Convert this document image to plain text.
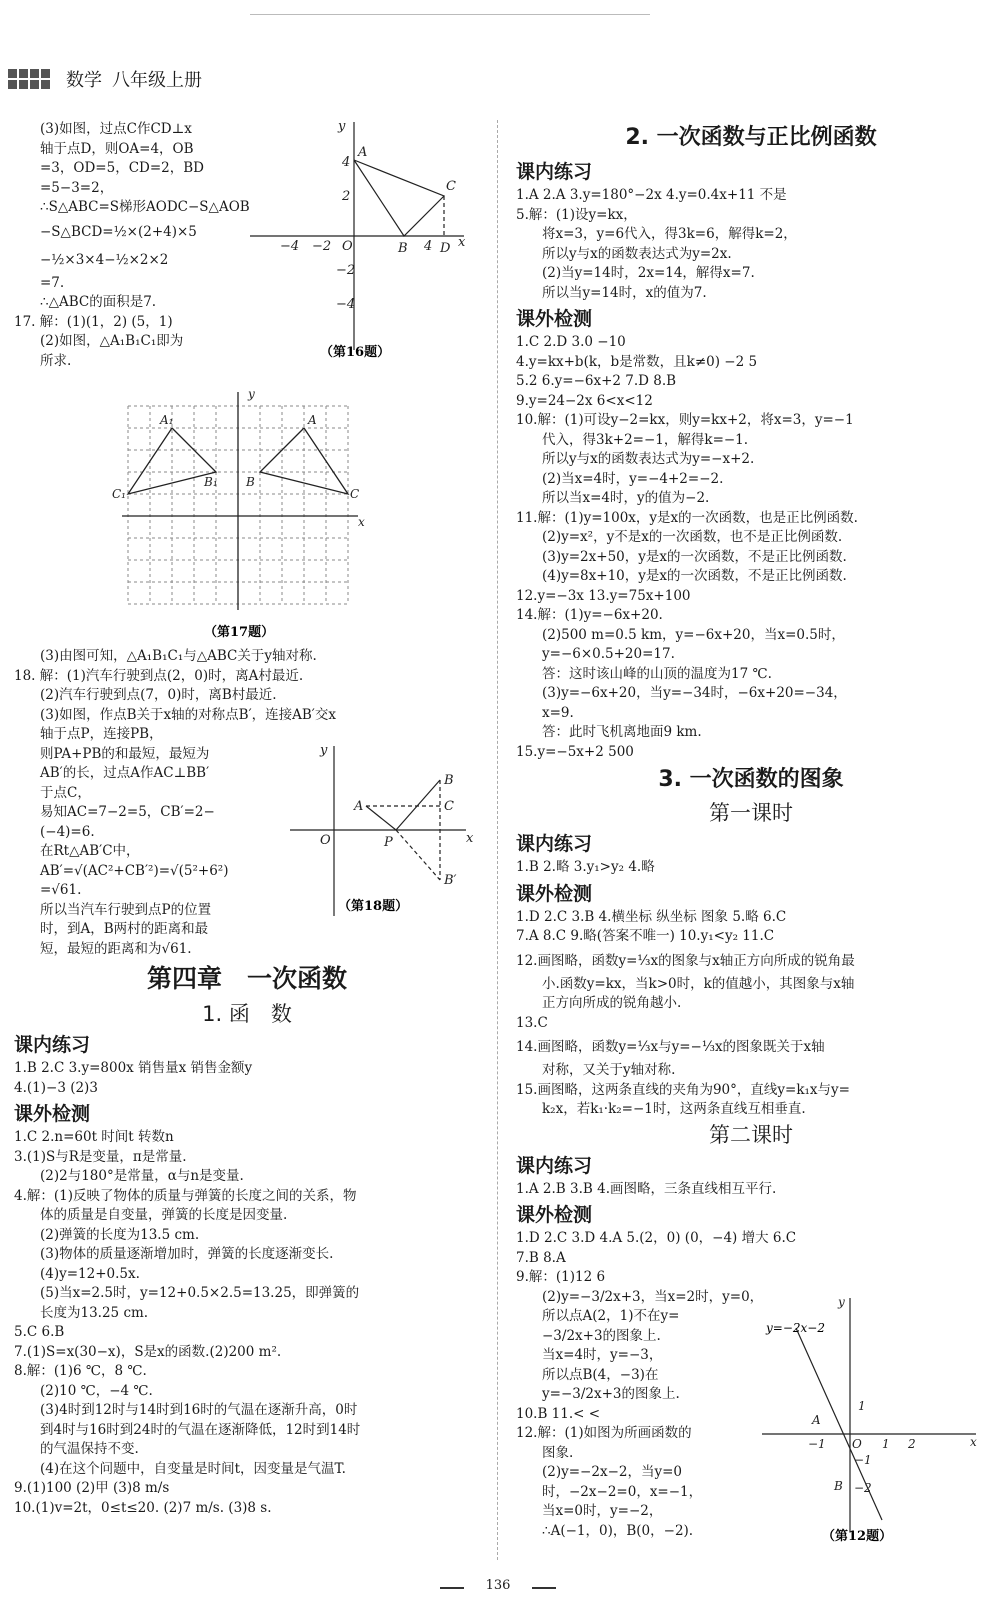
数学 八年级上册
(3)如图，过点C作CD⊥x
轴于点D，则OA=4，OB
=3，OD=5，CD=2，BD
=5−3=2，
∴S△ABC=S梯形AODC−S△AOB
−S△BCD=½×(2+4)×5
−½×3×4−½×2×2
=7.
∴△ABC的面积是7.
17. 解：(1)(1，2) (5，1)
(2)如图，△A₁B₁C₁即为
所求.
(3)由图可知，△A₁B₁C₁与△ABC关于y轴对称.
18. 解：(1)汽车行驶到点(2，0)时，离A村最近.
(2)汽车行驶到点(7，0)时，离B村最近.
(3)如图，作点B关于x轴的对称点B′，连接AB′交x
轴于点P，连接PB，
则PA+PB的和最短，最短为
AB′的长，过点A作AC⊥BB′
于点C，
易知AC=7−2=5，CB′=2−
(−4)=6.
在Rt△AB′C中，
AB′=√(AC²+CB′²)=√(5²+6²)
=√61.
所以当汽车行驶到点P的位置
时，到A，B两村的距离和最
短，最短的距离和为√61.
第四章　一次函数
1. 函　数
课内练习
1.B 2.C 3.y=800x 销售量x 销售金额y
4.(1)−3 (2)3
课外检测
1.C 2.n=60t 时间t 转数n
3.(1)S与R是变量，π是常量.
(2)2与180°是常量，α与n是变量.
4.解：(1)反映了物体的质量与弹簧的长度之间的关系，物
体的质量是自变量，弹簧的长度是因变量.
(2)弹簧的长度为13.5 cm.
(3)物体的质量逐渐增加时，弹簧的长度逐渐变长.
(4)y=12+0.5x.
(5)当x=2.5时，y=12+0.5×2.5=13.25，即弹簧的
长度为13.25 cm.
5.C 6.B
7.(1)S=x(30−x)，S是x的函数.(2)200 m².
8.解：(1)6 ℃，8 ℃.
(2)10 ℃，−4 ℃.
(3)4时到12时与14时到16时的气温在逐渐升高，0时
到4时与16时到24时的气温在逐渐降低，12时到14时
的气温保持不变.
(4)在这个问题中，自变量是时间t，因变量是气温T.
9.(1)100 (2)甲 (3)8 m/s
10.(1)v=2t，0≤t≤20. (2)7 m/s. (3)8 s.
y
x
A
B
C
D
O
−4 −2	4
4
2
−2
−4
（第16题）
y
x
A₁
B₁
C₁
A
B
C
（第17题）
y
x
O
A
B
C
P
B′
（第18题）
2. 一次函数与正比例函数
课内练习
1.A 2.A 3.y=180°−2x 4.y=0.4x+11 不是
5.解：(1)设y=kx，
将x=3，y=6代入，得3k=6，解得k=2，
所以y与x的函数表达式为y=2x.
(2)当y=14时，2x=14，解得x=7.
所以当y=14时，x的值为7.
课外检测
1.C 2.D 3.0 −10
4.y=kx+b(k，b是常数，且k≠0) −2 5
5.2 6.y=−6x+2 7.D 8.B
9.y=24−2x 6<x<12
10.解：(1)可设y−2=kx，则y=kx+2，将x=3，y=−1
代入，得3k+2=−1，解得k=−1.
所以y与x的函数表达式为y=−x+2.
(2)当x=4时，y=−4+2=−2.
所以当x=4时，y的值为−2.
11.解：(1)y=100x，y是x的一次函数，也是正比例函数.
(2)y=x²，y不是x的一次函数，也不是正比例函数.
(3)y=2x+50，y是x的一次函数，不是正比例函数.
(4)y=8x+10，y是x的一次函数，不是正比例函数.
12.y=−3x 13.y=75x+100
14.解：(1)y=−6x+20.
(2)500 m=0.5 km，y=−6x+20，当x=0.5时，
y=−6×0.5+20=17.
答：这时该山峰的山顶的温度为17 ℃.
(3)y=−6x+20，当y=−34时，−6x+20=−34，
x=9.
答：此时飞机离地面9 km.
15.y=−5x+2 500
3. 一次函数的图象
第一课时
课内练习
1.B 2.略 3.y₁>y₂ 4.略
课外检测
1.D 2.C 3.B 4.横坐标 纵坐标 图象 5.略 6.C
7.A 8.C 9.略(答案不唯一) 10.y₁<y₂ 11.C
12.画图略，函数y=⅓x的图象与x轴正方向所成的锐角最
小.函数y=kx，当k>0时，k的值越小，其图象与x轴
正方向所成的锐角越小.
13.C
14.画图略，函数y=⅓x与y=−⅓x的图象既关于x轴
对称，又关于y轴对称.
15.画图略，这两条直线的夹角为90°，直线y=k₁x与y=
k₂x，若k₁·k₂=−1时，这两条直线互相垂直.
第二课时
课内练习
1.A 2.B 3.B 4.画图略，三条直线相互平行.
课外检测
1.D 2.C 3.D 4.A 5.(2，0) (0，−4) 增大 6.C
7.B 8.A
9.解：(1)12 6
(2)y=−3/2x+3，当x=2时，y=0，
所以点A(2，1)不在y=
−3/2x+3的图象上.
当x=4时，y=−3，
所以点B(4，−3)在
y=−3/2x+3的图象上.
10.B 11.< <
12.解：(1)如图为所画函数的
图象.
(2)y=−2x−2，当y=0
时，−2x−2=0，x=−1，
当x=0时，y=−2，
∴A(−1，0)，B(0，−2).
y
x
O
A
B
1
−1
−2
−1	1 2
y=−2x−2
（第12题）
136
